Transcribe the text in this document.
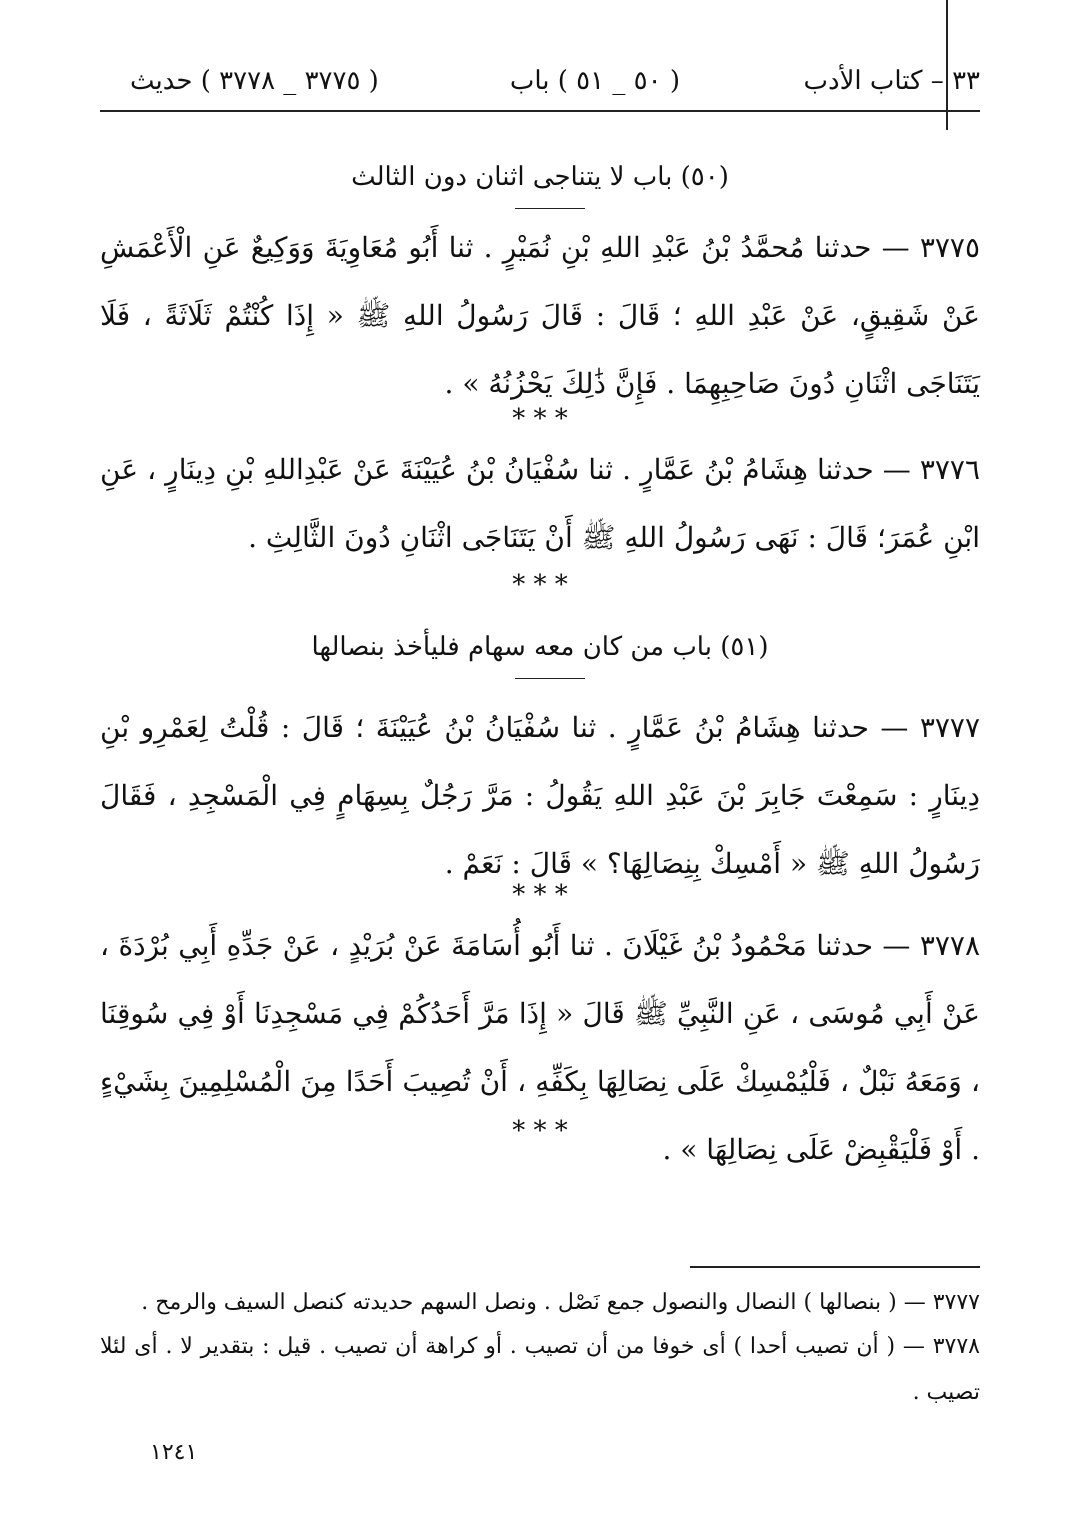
٣٣ – كتاب الأدب
( ٥٠ _ ٥١ ) باب
( ٣٧٧٥ _ ٣٧٧٨ ) حديث
(٥٠) باب لا يتناجى اثنان دون الثالث
٣٧٧٥ — حدثنا مُحمَّدُ بْنُ عَبْدِ اللهِ بْنِ نُمَيْرٍ . ثنا أَبُو مُعَاوِيَةَ وَوَكِيعٌ عَنِ الْأَعْمَشِ عَنْ شَقِيقٍ، عَنْ عَبْدِ اللهِ ؛ قَالَ : قَالَ رَسُولُ اللهِ ﷺ « إِذَا كُنْتُمْ ثَلَاثَةً ، فَلَا يَتَنَاجَى اثْنَانِ دُونَ صَاحِبِهِمَا . فَإِنَّ ذَٰلِكَ يَحْزُنُهُ » .
* * *
٣٧٧٦ — حدثنا هِشَامُ بْنُ عَمَّارٍ . ثنا سُفْيَانُ بْنُ عُيَيْنَةَ عَنْ عَبْدِاللهِ بْنِ دِينَارٍ ، عَنِ ابْنِ عُمَرَ؛ قَالَ : نَهَى رَسُولُ اللهِ ﷺ أَنْ يَتَنَاجَى اثْنَانِ دُونَ الثَّالِثِ .
* * *
(٥١) باب من كان معه سهام فليأخذ بنصالها
٣٧٧٧ — حدثنا هِشَامُ بْنُ عَمَّارٍ . ثنا سُفْيَانُ بْنُ عُيَيْنَةَ ؛ قَالَ : قُلْتُ لِعَمْرِو بْنِ دِينَارٍ : سَمِعْتَ جَابِرَ بْنَ عَبْدِ اللهِ يَقُولُ : مَرَّ رَجُلٌ بِسِهَامٍ فِي الْمَسْجِدِ ، فَقَالَ رَسُولُ اللهِ ﷺ « أَمْسِكْ بِنِصَالِهَا؟ » قَالَ : نَعَمْ .
* * *
٣٧٧٨ — حدثنا مَحْمُودُ بْنُ غَيْلَانَ . ثنا أَبُو أُسَامَةَ عَنْ بُرَيْدٍ ، عَنْ جَدِّهِ أَبِي بُرْدَةَ ، عَنْ أَبِي مُوسَى ، عَنِ النَّبِيِّ ﷺ قَالَ « إِذَا مَرَّ أَحَدُكُمْ فِي مَسْجِدِنَا أَوْ فِي سُوقِنَا ، وَمَعَهُ نَبْلٌ ، فَلْيُمْسِكْ عَلَى نِصَالِهَا بِكَفِّهِ ، أَنْ تُصِيبَ أَحَدًا مِنَ الْمُسْلِمِينَ بِشَيْءٍ . أَوْ فَلْيَقْبِضْ عَلَى نِصَالِهَا » .
* * *
٣٧٧٧ — ( بنصالها ) النصال والنصول جمع نَصْل . ونصل السهم حديدته كنصل السيف والرمح .
٣٧٧٨ — ( أن تصيب أحدا ) أى خوفا من أن تصيب . أو كراهة أن تصيب . قيل : بتقدير لا . أى لئلا تصيب .
١٢٤١
